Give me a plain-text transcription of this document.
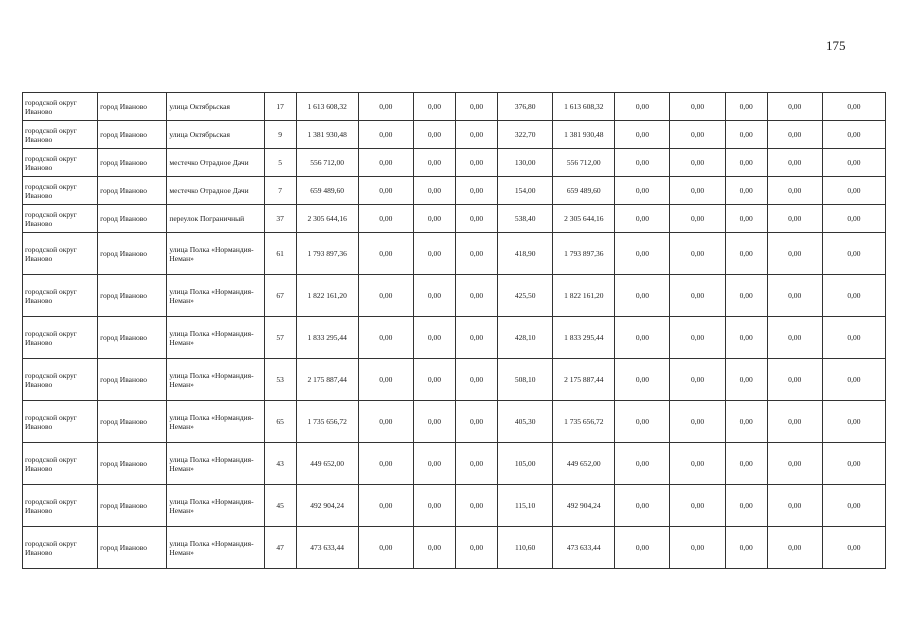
175
городской округ Иваново	город Иваново	улица Октябрьская	17	1 613 608,32	0,00	0,00	0,00	376,80	1 613 608,32	0,00	0,00	0,00	0,00	0,00
городской округ Иваново	город Иваново	улица Октябрьская	9	1 381 930,48	0,00	0,00	0,00	322,70	1 381 930,48	0,00	0,00	0,00	0,00	0,00
городской округ Иваново	город Иваново	местечко Отрадное Дачи	5	556 712,00	0,00	0,00	0,00	130,00	556 712,00	0,00	0,00	0,00	0,00	0,00
городской округ Иваново	город Иваново	местечко Отрадное Дачи	7	659 489,60	0,00	0,00	0,00	154,00	659 489,60	0,00	0,00	0,00	0,00	0,00
городской округ Иваново	город Иваново	переулок Пограничный	37	2 305 644,16	0,00	0,00	0,00	538,40	2 305 644,16	0,00	0,00	0,00	0,00	0,00
городской округ Иваново	город Иваново	улица Полка «Нормандия-Неман»	61	1 793 897,36	0,00	0,00	0,00	418,90	1 793 897,36	0,00	0,00	0,00	0,00	0,00
городской округ Иваново	город Иваново	улица Полка «Нормандия-Неман»	67	1 822 161,20	0,00	0,00	0,00	425,50	1 822 161,20	0,00	0,00	0,00	0,00	0,00
городской округ Иваново	город Иваново	улица Полка «Нормандия-Неман»	57	1 833 295,44	0,00	0,00	0,00	428,10	1 833 295,44	0,00	0,00	0,00	0,00	0,00
городской округ Иваново	город Иваново	улица Полка «Нормандия-Неман»	53	2 175 887,44	0,00	0,00	0,00	508,10	2 175 887,44	0,00	0,00	0,00	0,00	0,00
городской округ Иваново	город Иваново	улица Полка «Нормандия-Неман»	65	1 735 656,72	0,00	0,00	0,00	405,30	1 735 656,72	0,00	0,00	0,00	0,00	0,00
городской округ Иваново	город Иваново	улица Полка «Нормандия-Неман»	43	449 652,00	0,00	0,00	0,00	105,00	449 652,00	0,00	0,00	0,00	0,00	0,00
городской округ Иваново	город Иваново	улица Полка «Нормандия-Неман»	45	492 904,24	0,00	0,00	0,00	115,10	492 904,24	0,00	0,00	0,00	0,00	0,00
городской округ Иваново	город Иваново	улица Полка «Нормандия-Неман»	47	473 633,44	0,00	0,00	0,00	110,60	473 633,44	0,00	0,00	0,00	0,00	0,00
